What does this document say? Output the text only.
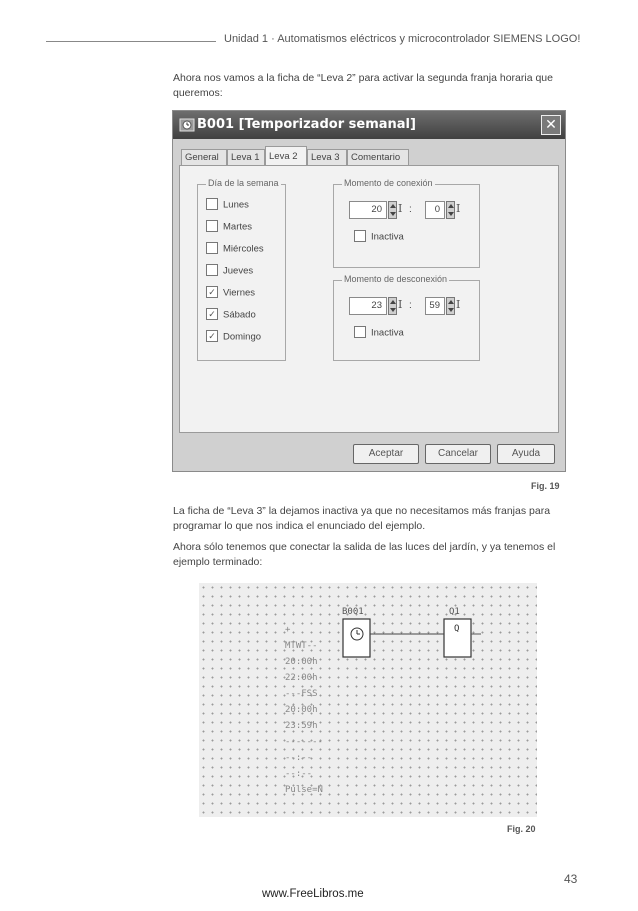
Unidad 1 · Automatismos eléctricos y microcontrolador SIEMENS LOGO!
Ahora nos vamos a la ficha de “Leva 2” para activar la segunda franja horaria que queremos:
B001 [Temporizador semanal]	✕
General	Leva 1 Leva 2	Leva 3	Comentario
Día de la semana
Lunes
Martes
Miércoles
Jueves
✓ Viernes
✓ Sábado
✓ Domingo
Momento de conexión
20	I :	0	I
Inactiva
Momento de desconexión
23	I :	59	I
Inactiva
Aceptar	Cancelar	Ayuda
Fig. 19
La ficha de “Leva 3” la dejamos inactiva ya que no necesitamos más franjas para programar lo que nos indica el enunciado del ejemplo.
Ahora sólo tenemos que conectar la salida de las luces del jardín, y ya tenemos el ejemplo terminado:
B001	Q1
Q
+
MTWT--
20:00h
22:00h
---FSS
20:00h
23:59h
-------
--:--
--:--
Pulse=N
Fig. 20
43
www.FreeLibros.me
